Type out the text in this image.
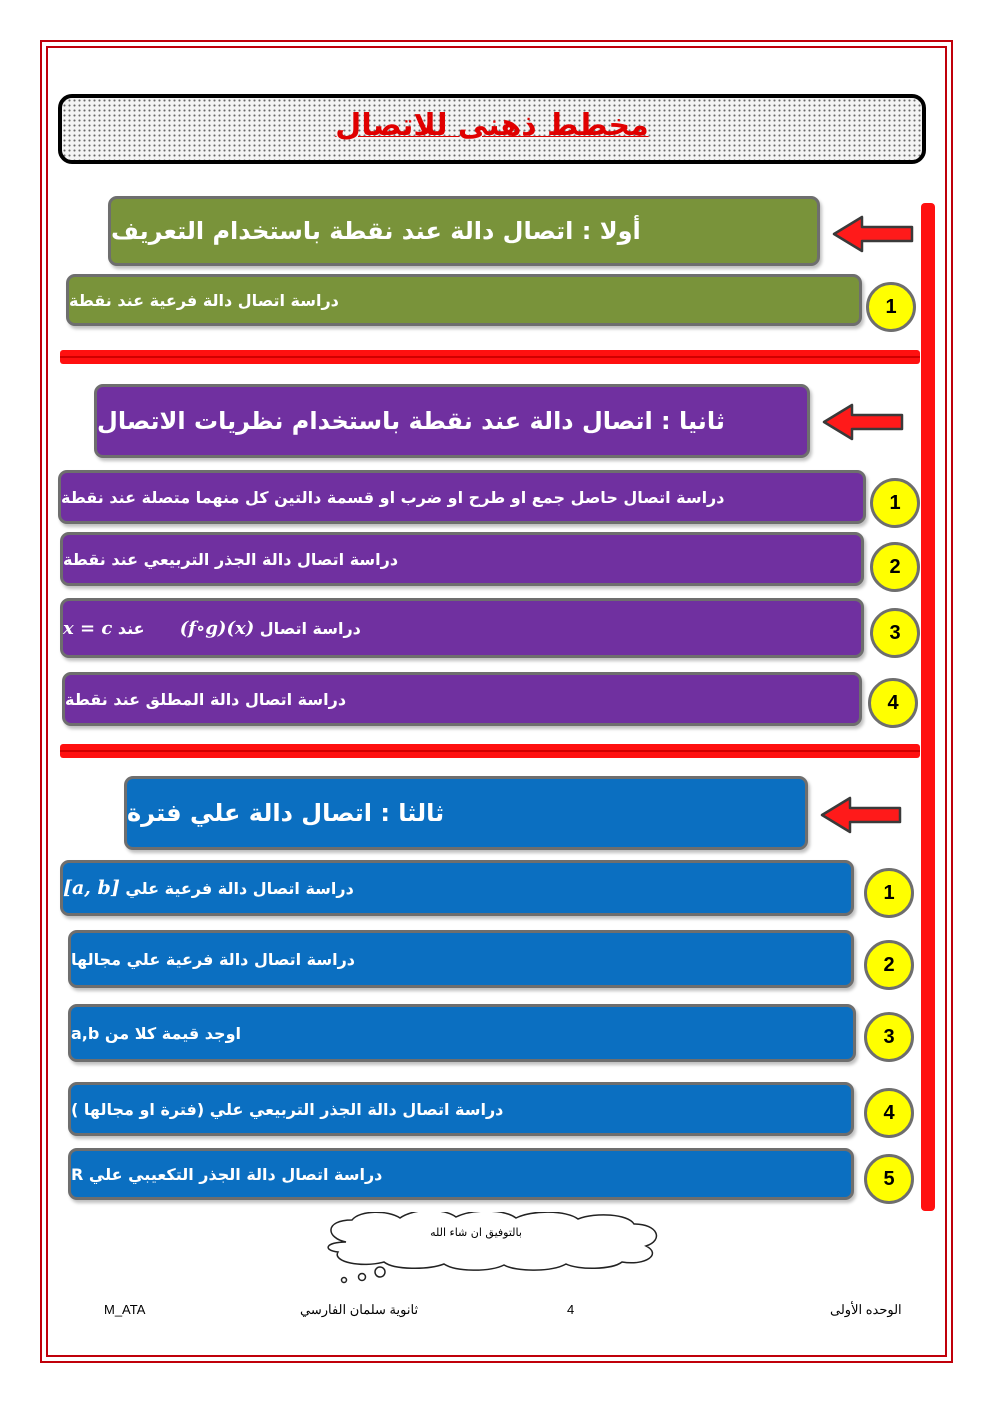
مخطط ذهنى للاتصال
أولا : اتصال دالة عند نقطة باستخدام التعريف
دراسة اتصال دالة فرعية عند نقطة	1
ثانيا : اتصال دالة عند نقطة باستخدام نظريات الاتصال
دراسة اتصال حاصل جمع او طرح او ضرب او قسمة دالتين كل منهما متصلة عند نقطة	1
دراسة اتصال دالة الجذر التربيعي عند نقطة	2
دراسة اتصال (f∘g)(x)  عند x = c	3
دراسة اتصال دالة المطلق عند نقطة	4
ثالثا : اتصال دالة علي فترة
دراسة اتصال دالة فرعية علي [a, b]	1
دراسة اتصال دالة فرعية علي مجالها	2
اوجد قيمة كلا من a,b	3
دراسة اتصال دالة الجذر التربيعي علي (فترة او مجالها )	4
دراسة اتصال دالة الجذر التكعيبي علي R	5
بالتوفيق ان شاء الله
الوحده الأولى
4
ثانوية سلمان الفارسي
M_ATA
